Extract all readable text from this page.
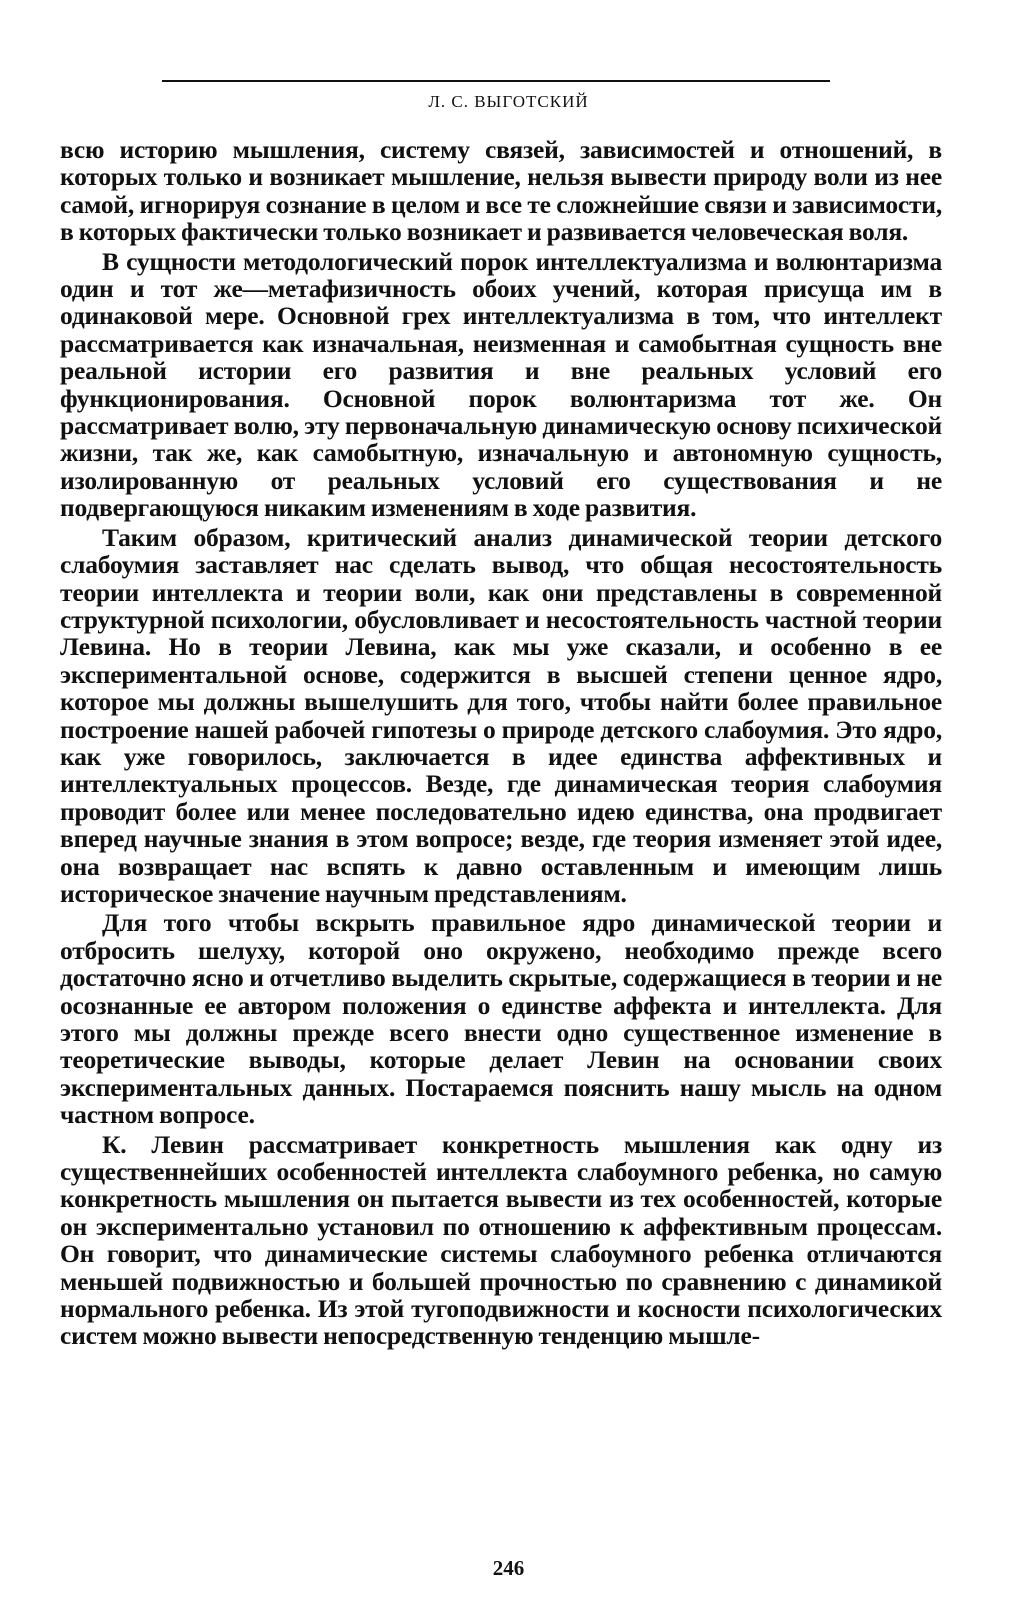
Л. С. ВЫГОТСКИЙ

всю историю мышления, систему связей, зависимостей и отношений, в которых только и возникает мышление, нельзя вывести природу воли из нее самой, игнорируя сознание в целом и все те сложнейшие связи и зависимости, в которых фактически только возникает и развивается человеческая воля.

В сущности методологический порок интеллектуализма и волюнтаризма один и тот же—метафизичность обоих учений, которая присуща им в одинаковой мере. Основной грех интеллектуализма в том, что интеллект рассматривается как изначальная, неизменная и самобытная сущность вне реальной истории его развития и вне реальных условий его функционирования. Основной порок волюнтаризма тот же. Он рассматривает волю, эту первоначальную динамическую основу психической жизни, так же, как самобытную, изначальную и автономную сущность, изолированную от реальных условий его существования и не подвергающуюся никаким изменениям в ходе развития.

Таким образом, критический анализ динамической теории детского слабоумия заставляет нас сделать вывод, что общая несостоятельность теории интеллекта и теории воли, как они представлены в современной структурной психологии, обусловливает и несостоятельность частной теории Левина. Но в теории Левина, как мы уже сказали, и особенно в ее экспериментальной основе, содержится в высшей степени ценное ядро, которое мы должны вышелушить для того, чтобы найти более правильное построение нашей рабочей гипотезы о природе детского слабоумия. Это ядро, как уже говорилось, заключается в идее единства аффективных и интеллектуальных процессов. Везде, где динамическая теория слабоумия проводит более или менее последовательно идею единства, она продвигает вперед научные знания в этом вопросе; везде, где теория изменяет этой идее, она возвращает нас вспять к давно оставленным и имеющим лишь историческое значение научным представлениям.

Для того чтобы вскрыть правильное ядро динамической теории и отбросить шелуху, которой оно окружено, необходимо прежде всего достаточно ясно и отчетливо выделить скрытые, содержащиеся в теории и не осознанные ее автором положения о единстве аффекта и интеллекта. Для этого мы должны прежде всего внести одно существенное изменение в теоретические выводы, которые делает Левин на основании своих экспериментальных данных. Постараемся пояснить нашу мысль на одном частном вопросе.

К. Левин рассматривает конкретность мышления как одну из существеннейших особенностей интеллекта слабоумного ребенка, но самую конкретность мышления он пытается вывести из тех особенностей, которые он экспериментально установил по отношению к аффективным процессам. Он говорит, что динамические системы слабоумного ребенка отличаются меньшей подвижностью и большей прочностью по сравнению с динамикой нормального ребенка. Из этой тугоподвижности и косности психологических систем можно вывести непосредственную тенденцию мышле-

246
